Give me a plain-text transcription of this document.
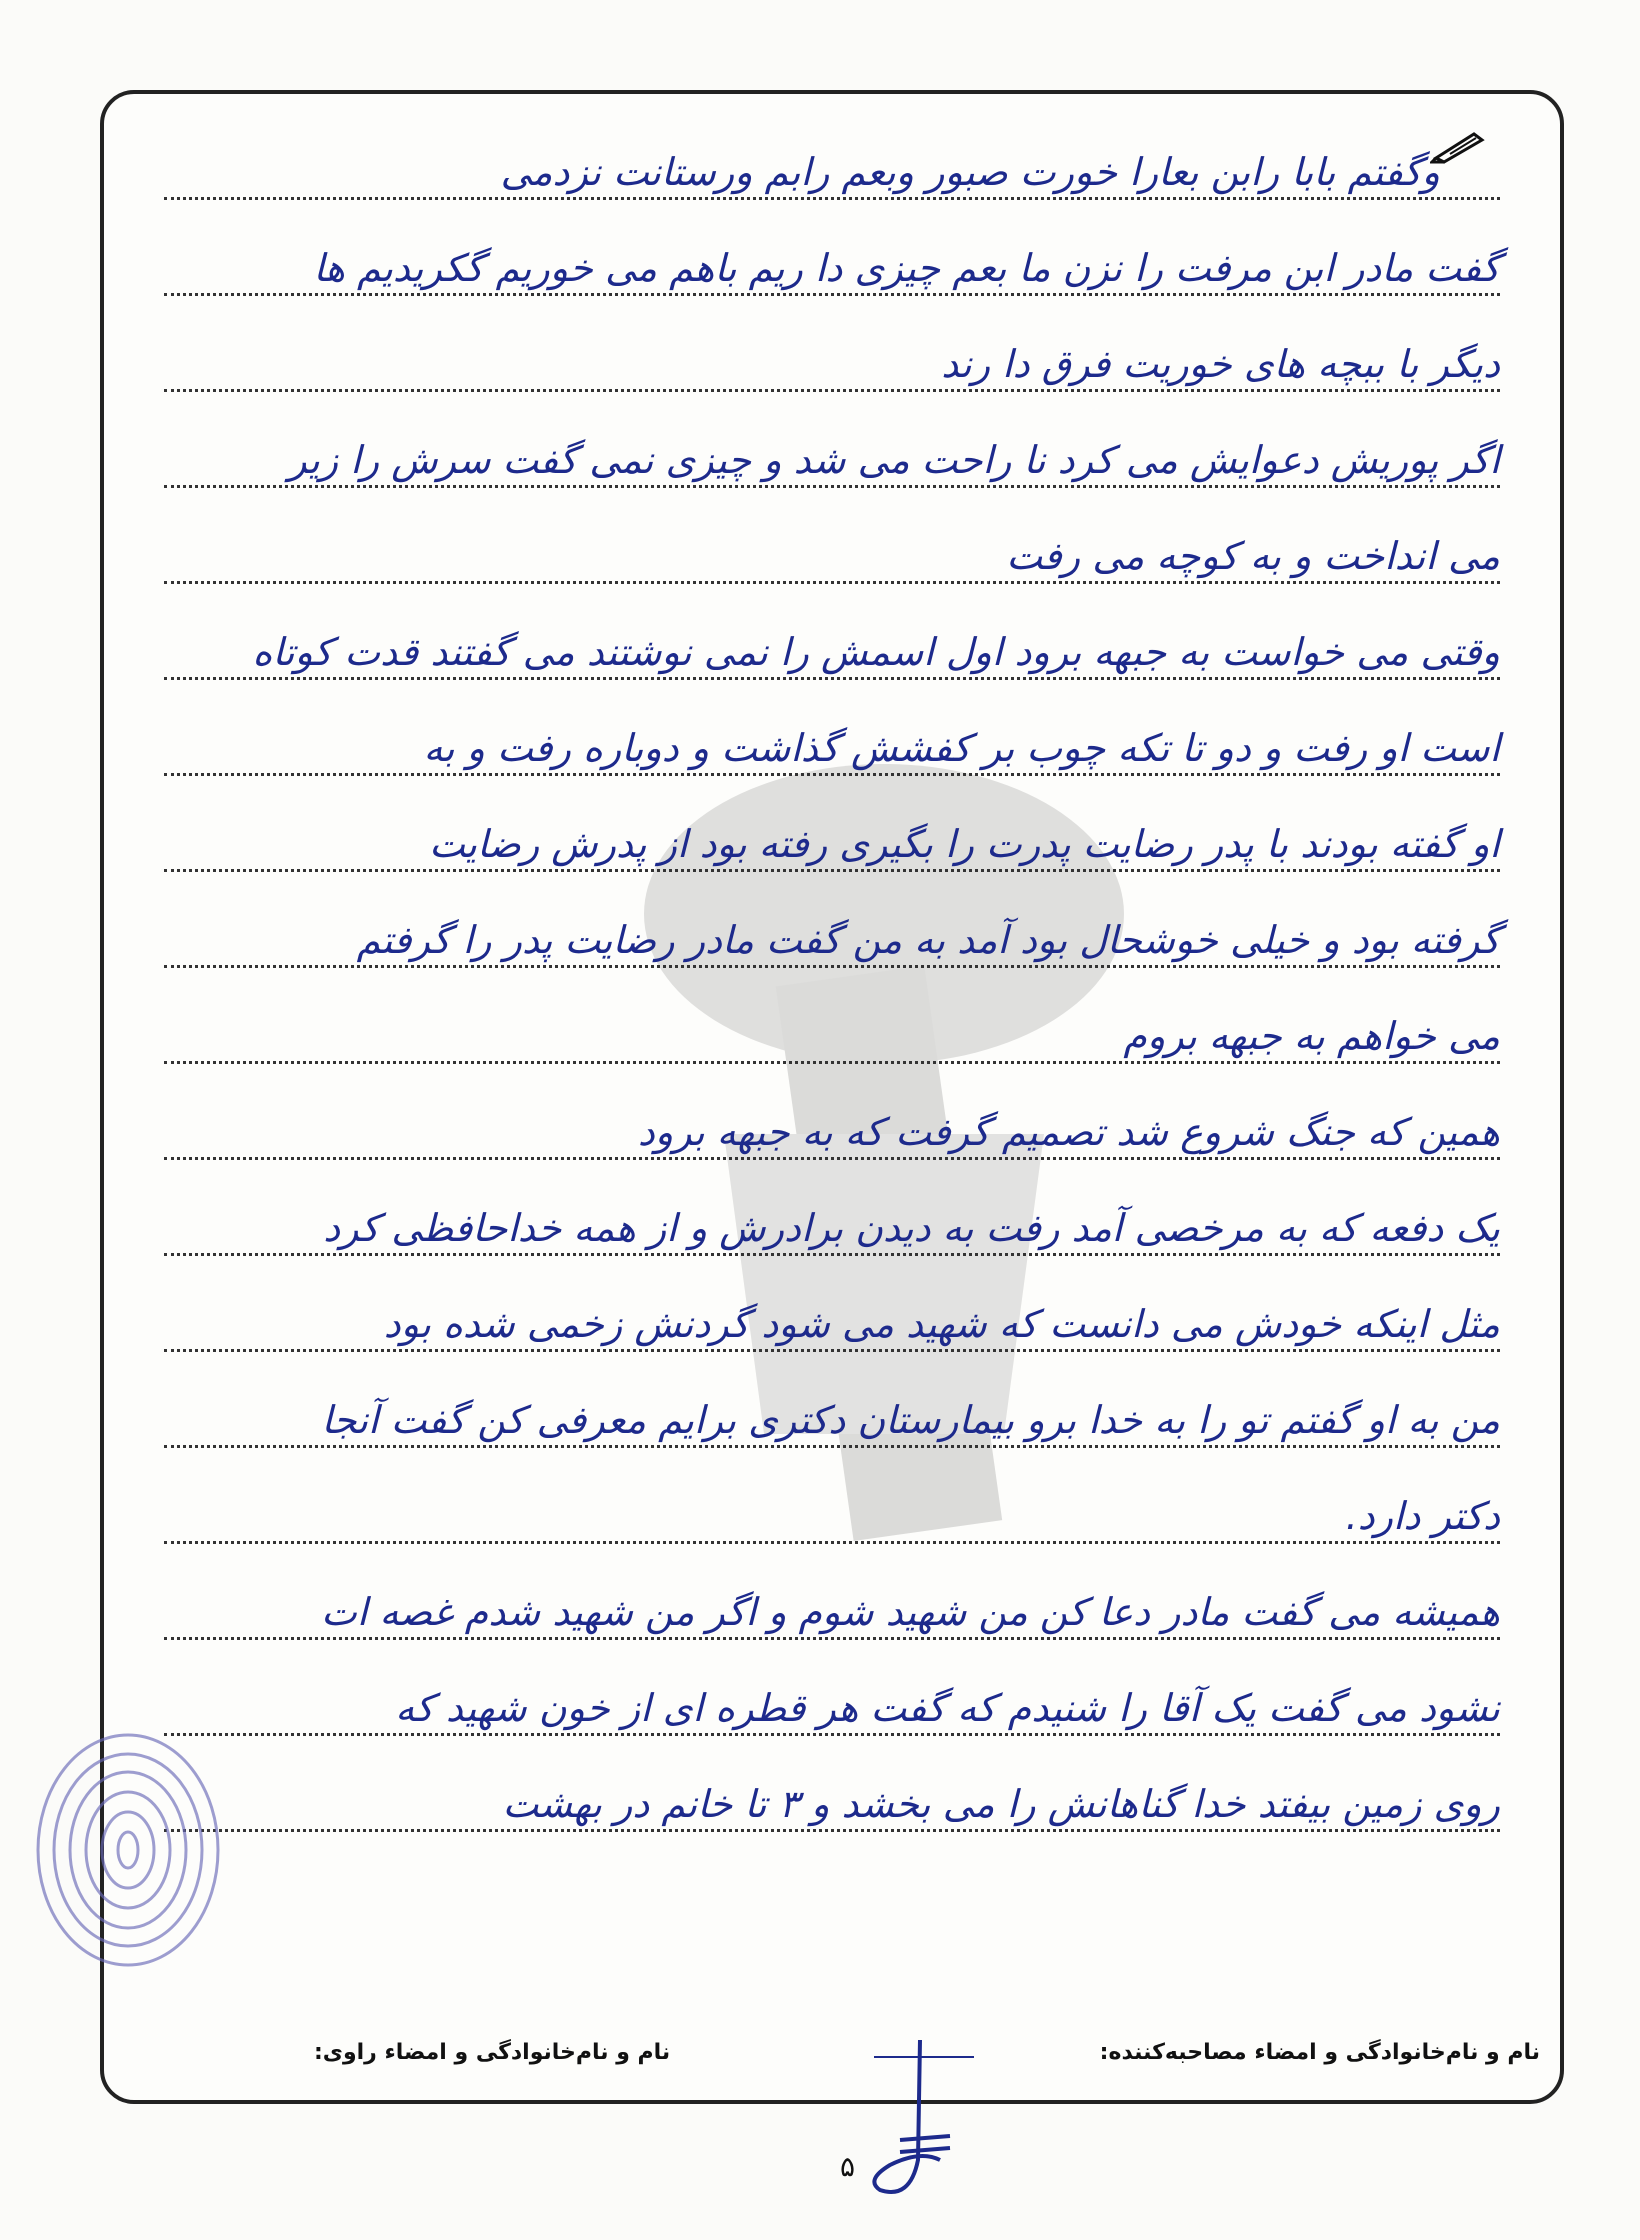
وگفتم بابا رابن بعارا خورت صبور وبعم رابم ورستانت نزدمی
گفت مادر ابن مرفت را نزن ما بعم چیزی دا ریم باهم می خوریم گکریدیم ها
دیگر با ببچه های خوریت فرق دا رند
اگر پوریش دعوایش می کرد نا راحت می شد و چیزی نمی گفت سرش را زیر
می انداخت و به کوچه می رفت
وقتی می خواست به جبهه برود اول اسمش را نمی نوشتند می گفتند قدت کوتاه
است او رفت و دو تا تکه چوب بر کفشش گذاشت و دوباره رفت و به
او گفته بودند با پدر رضایت پدرت را بگیری رفته بود از پدرش رضایت
گرفته بود و خیلی خوشحال بود آمد به من گفت مادر رضایت پدر را گرفتم
می خواهم به جبهه بروم
همین که جنگ شروع شد تصمیم گرفت که به جبهه برود
یک دفعه که به مرخصی آمد رفت به دیدن برادرش و از همه خداحافظی کرد
مثل اینکه خودش می دانست که شهید می شود گردنش زخمی شده بود
من به او گفتم تو را به خدا برو بیمارستان دکتری برایم معرفی کن گفت آنجا
دکتر دارد.
همیشه می گفت مادر دعا کن من شهید شوم و اگر من شهید شدم غصه ات
نشود می گفت یک آقا را شنیدم که گفت هر قطره ای از خون شهید که
روی زمین بیفتد خدا گناهانش را می بخشد و ۳ تا خانم در بهشت
نام و نام‌خانوادگی و امضاء مصاحبه‌کننده:
نام و نام‌خانوادگی و امضاء راوی:
۵
